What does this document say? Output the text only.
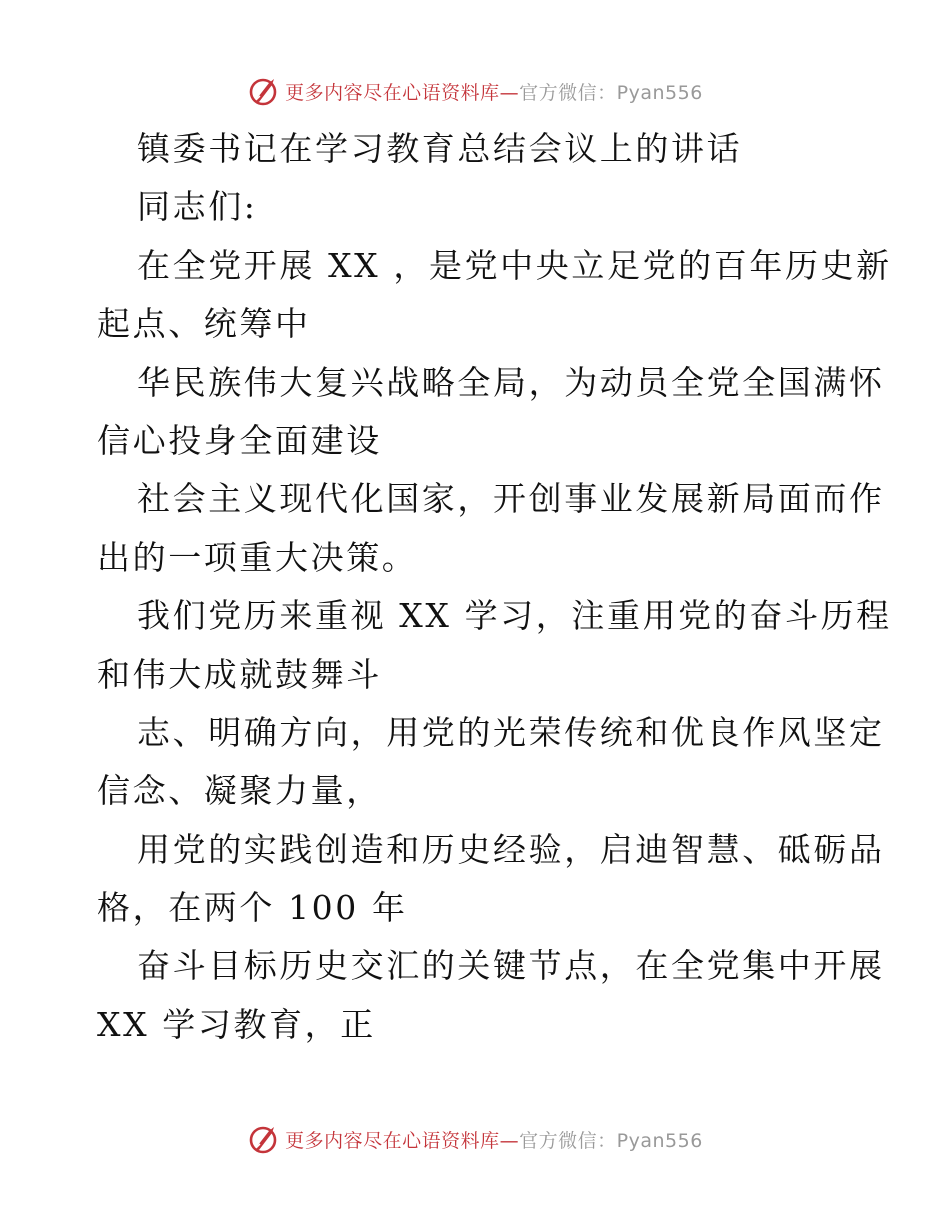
更多内容尽在心语资料库—官方微信：Pyan556
镇委书记在学习教育总结会议上的讲话
同志们:
在全党开展 XX ，是党中央立足党的百年历史新
起点、统筹中
华民族伟大复兴战略全局，为动员全党全国满怀
信心投身全面建设
社会主义现代化国家，开创事业发展新局面而作
出的一项重大决策。
我们党历来重视 XX 学习，注重用党的奋斗历程
和伟大成就鼓舞斗
志、明确方向，用党的光荣传统和优良作风坚定
信念、凝聚力量，
用党的实践创造和历史经验，启迪智慧、砥砺品
格，在两个 100 年
奋斗目标历史交汇的关键节点，在全党集中开展
XX 学习教育，正
更多内容尽在心语资料库—官方微信：Pyan556
